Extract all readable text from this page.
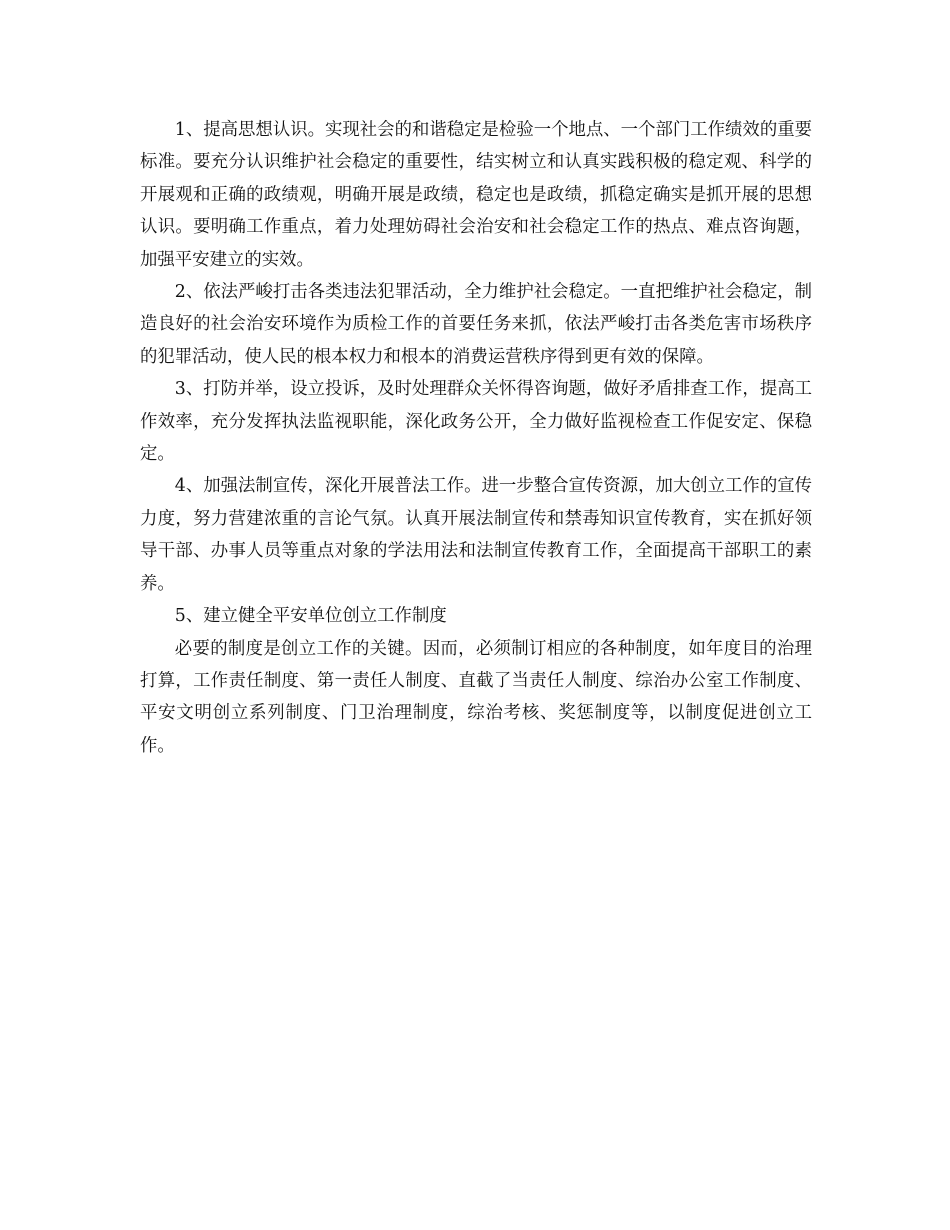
1、提高思想认识。实现社会的和谐稳定是检验一个地点、一个部门工作绩效的重要标准。要充分认识维护社会稳定的重要性，结实树立和认真实践积极的稳定观、科学的开展观和正确的政绩观，明确开展是政绩，稳定也是政绩，抓稳定确实是抓开展的思想认识。要明确工作重点，着力处理妨碍社会治安和社会稳定工作的热点、难点咨询题，加强平安建立的实效。

2、依法严峻打击各类违法犯罪活动，全力维护社会稳定。一直把维护社会稳定，制造良好的社会治安环境作为质检工作的首要任务来抓，依法严峻打击各类危害市场秩序的犯罪活动，使人民的根本权力和根本的消费运营秩序得到更有效的保障。

3、打防并举，设立投诉，及时处理群众关怀得咨询题，做好矛盾排查工作，提高工作效率，充分发挥执法监视职能，深化政务公开，全力做好监视检查工作促安定、保稳定。

4、加强法制宣传，深化开展普法工作。进一步整合宣传资源，加大创立工作的宣传力度，努力营建浓重的言论气氛。认真开展法制宣传和禁毒知识宣传教育，实在抓好领导干部、办事人员等重点对象的学法用法和法制宣传教育工作，全面提高干部职工的素养。

5、建立健全平安单位创立工作制度

必要的制度是创立工作的关键。因而，必须制订相应的各种制度，如年度目的治理打算，工作责任制度、第一责任人制度、直截了当责任人制度、综治办公室工作制度、平安文明创立系列制度、门卫治理制度，综治考核、奖惩制度等，以制度促进创立工作。
